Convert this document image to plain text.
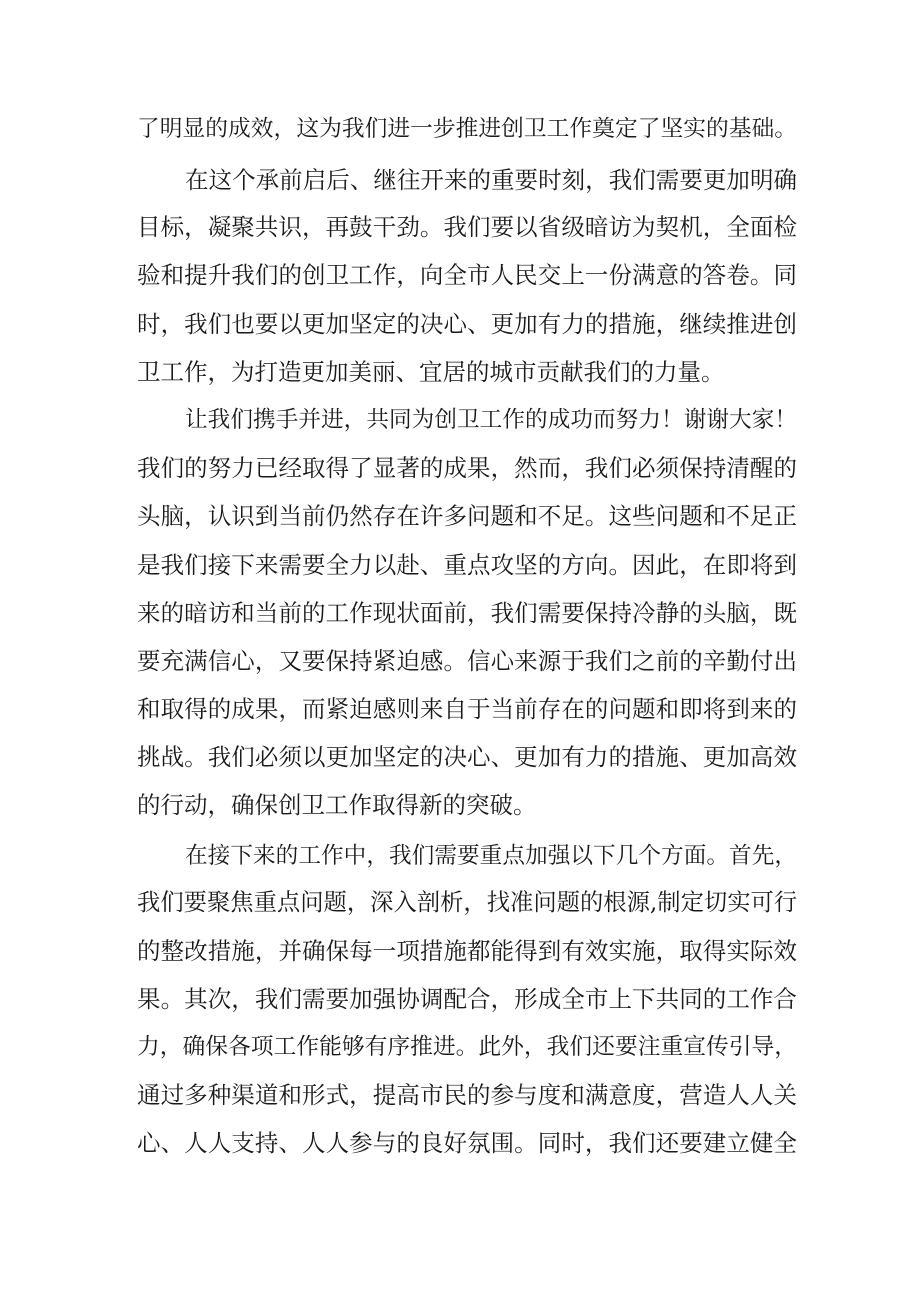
了明显的成效，这为我们进一步推进创卫工作奠定了坚实的基础。
在这个承前启后、继往开来的重要时刻，我们需要更加明确
目标，凝聚共识，再鼓干劲。我们要以省级暗访为契机，全面检
验和提升我们的创卫工作，向全市人民交上一份满意的答卷。同
时，我们也要以更加坚定的决心、更加有力的措施，继续推进创
卫工作，为打造更加美丽、宜居的城市贡献我们的力量。
让我们携手并进，共同为创卫工作的成功而努力！谢谢大家！
我们的努力已经取得了显著的成果，然而，我们必须保持清醒的
头脑，认识到当前仍然存在许多问题和不足。这些问题和不足正
是我们接下来需要全力以赴、重点攻坚的方向。因此，在即将到
来的暗访和当前的工作现状面前，我们需要保持冷静的头脑，既
要充满信心，又要保持紧迫感。信心来源于我们之前的辛勤付出
和取得的成果，而紧迫感则来自于当前存在的问题和即将到来的
挑战。我们必须以更加坚定的决心、更加有力的措施、更加高效
的行动，确保创卫工作取得新的突破。
在接下来的工作中，我们需要重点加强以下几个方面。首先，
我们要聚焦重点问题，深入剖析，找准问题的根源,制定切实可行
的整改措施，并确保每一项措施都能得到有效实施，取得实际效
果。其次，我们需要加强协调配合，形成全市上下共同的工作合
力，确保各项工作能够有序推进。此外，我们还要注重宣传引导，
通过多种渠道和形式，提高市民的参与度和满意度，营造人人关
心、人人支持、人人参与的良好氛围。同时，我们还要建立健全
